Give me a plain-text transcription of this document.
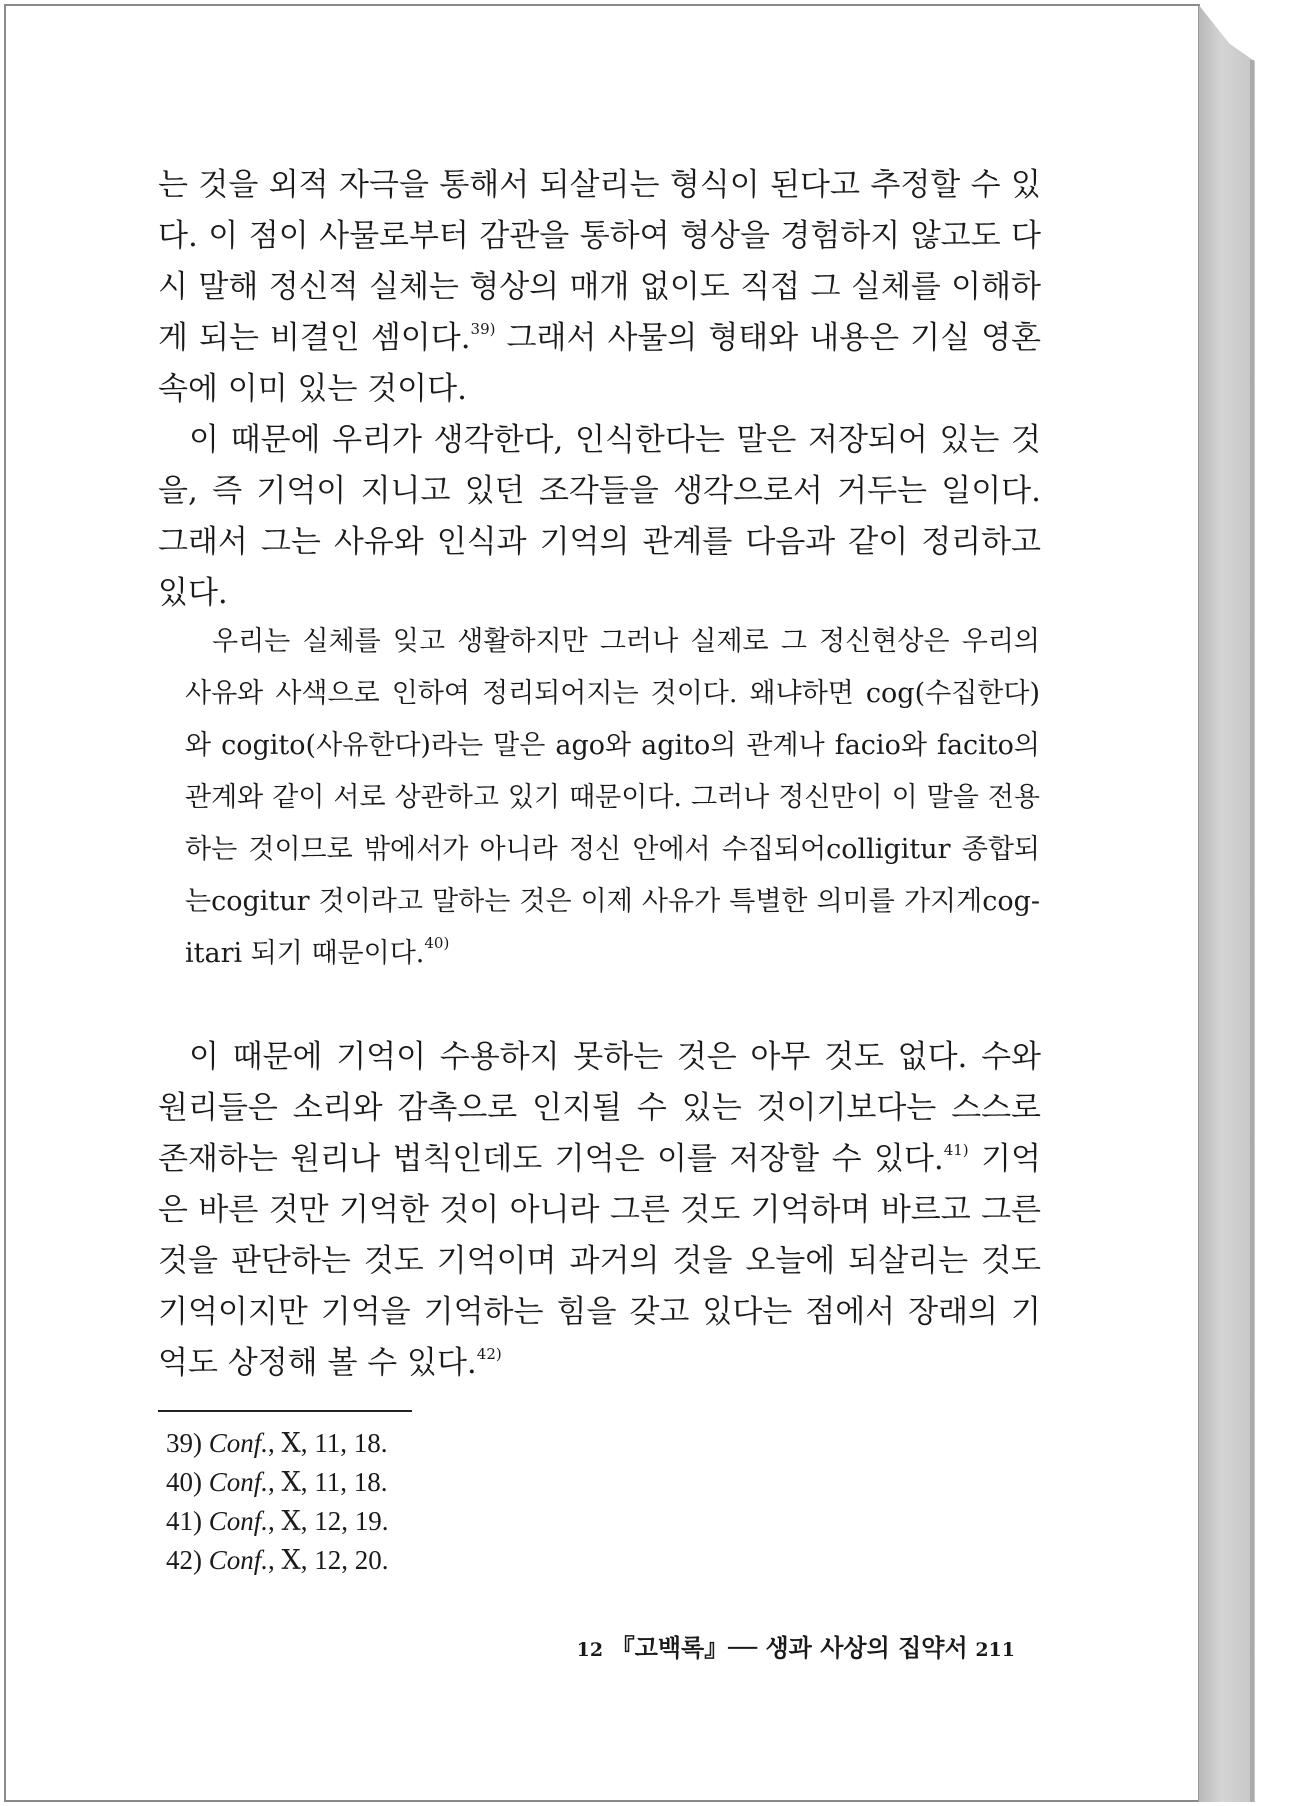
는 것을 외적 자극을 통해서 되살리는 형식이 된다고 추정할 수 있다. 이 점이 사물로부터 감관을 통하여 형상을 경험하지 않고도 다시 말해 정신적 실체는 형상의 매개 없이도 직접 그 실체를 이해하게 되는 비결인 셈이다.$^{39)}$ 그래서 사물의 형태와 내용은 기실 영혼 속에 이미 있는 것이다.

이 때문에 우리가 생각한다, 인식한다는 말은 저장되어 있는 것을, 즉 기억이 지니고 있던 조각들을 생각으로서 거두는 일이다. 그래서 그는 사유와 인식과 기억의 관계를 다음과 같이 정리하고 있다.

우리는 실체를 잊고 생활하지만 그러나 실제로 그 정신현상은 우리의 사유와 사색으로 인하여 정리되어지는 것이다. 왜냐하면 cog(수집한다)와 cogito(사유한다)라는 말은 ago와 agito의 관계나 facio와 facito의 관계와 같이 서로 상관하고 있기 때문이다. 그러나 정신만이 이 말을 전용하는 것이므로 밖에서가 아니라 정신 안에서 수집되어colligitur 종합되는cogitur 것이라고 말하는 것은 이제 사유가 특별한 의미를 가지게cog-itari 되기 때문이다.$^{40)}$

이 때문에 기억이 수용하지 못하는 것은 아무 것도 없다. 수와 원리들은 소리와 감촉으로 인지될 수 있는 것이기보다는 스스로 존재하는 원리나 법칙인데도 기억은 이를 저장할 수 있다.$^{41)}$ 기억은 바른 것만 기억한 것이 아니라 그른 것도 기억하며 바르고 그른 것을 판단하는 것도 기억이며 과거의 것을 오늘에 되살리는 것도 기억이지만 기억을 기억하는 힘을 갖고 있다는 점에서 장래의 기억도 상정해 볼 수 있다.$^{42)}$

39) Conf., Ⅹ, 11, 18.
40) Conf., Ⅹ, 11, 18.
41) Conf., Ⅹ, 12, 19.
42) Conf., Ⅹ, 12, 20.
12 『고백록』── 생과 사상의 집약서 211
